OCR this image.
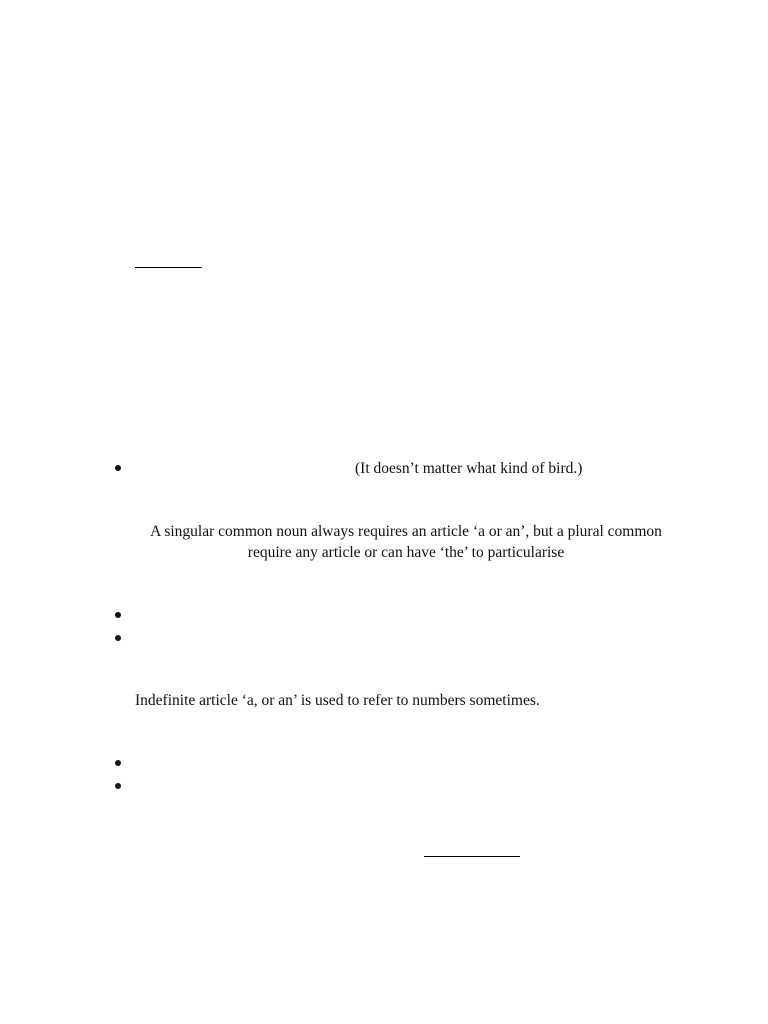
(It doesn’t matter what kind of bird.)
A singular common noun always requires an article ‘a or an’, but a plural common
require any article or can have ‘the’ to particularise
Indefinite article ‘a, or an’ is used to refer to numbers sometimes.
